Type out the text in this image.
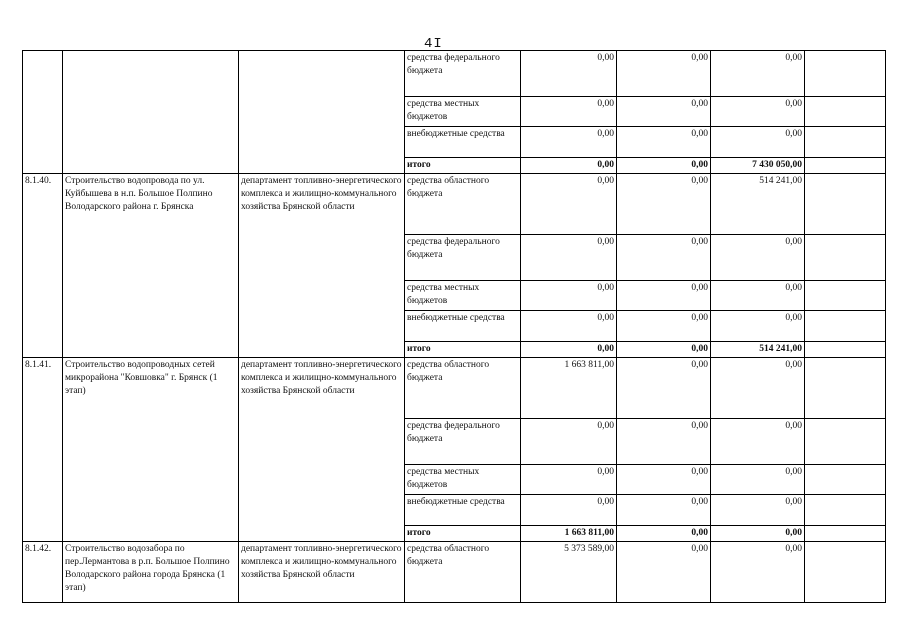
4I
			средства федерального бюджета	0,00	0,00	0,00	
			средства местных бюджетов	0,00	0,00	0,00	
			внебюджетные средства	0,00	0,00	0,00	
			итого	0,00	0,00	7 430 050,00	
8.1.40.	Строительство водопровода по ул. Куйбышева в н.п. Большое Полпино Володарского района г. Брянска	департамент топливно-энергетического комплекса и жилищно-коммунального хозяйства Брянской области	средства областного бюджета	0,00	0,00	514 241,00	
			средства федерального бюджета	0,00	0,00	0,00	
			средства местных бюджетов	0,00	0,00	0,00	
			внебюджетные средства	0,00	0,00	0,00	
			итого	0,00	0,00	514 241,00	
8.1.41.	Строительство водопроводных сетей микрорайона "Ковшовка" г. Брянск (1 этап)	департамент топливно-энергетического комплекса и жилищно-коммунального хозяйства Брянской области	средства областного бюджета	1 663 811,00	0,00	0,00	
			средства федерального бюджета	0,00	0,00	0,00	
			средства местных бюджетов	0,00	0,00	0,00	
			внебюджетные средства	0,00	0,00	0,00	
			итого	1 663 811,00	0,00	0,00	
8.1.42.	Строительство водозабора по пер.Лермантова в р.п. Большое Полпино Володарского района города Брянска (1 этап)	департамент топливно-энергетического комплекса и жилищно-коммунального хозяйства Брянской области	средства областного бюджета	5 373 589,00	0,00	0,00	
